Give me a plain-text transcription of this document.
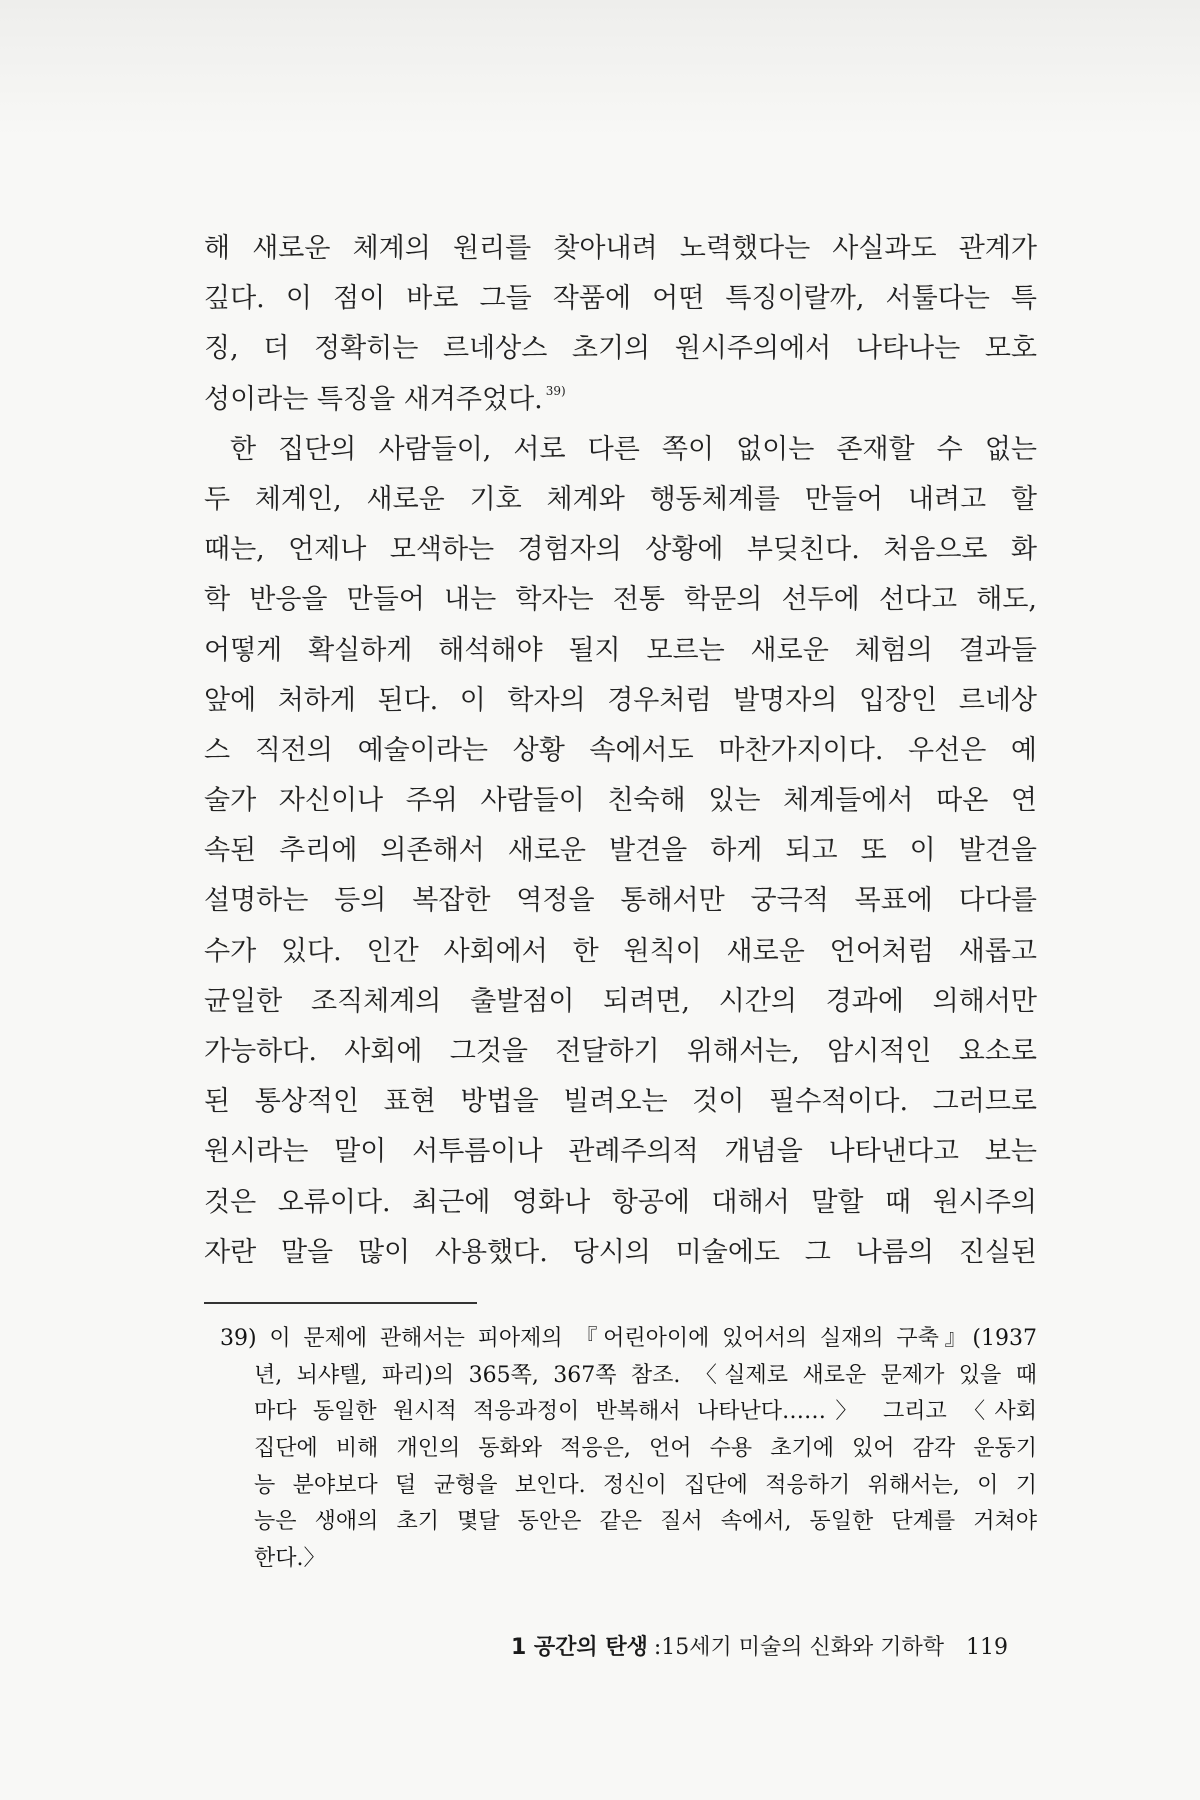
해 새로운 체계의 원리를 찾아내려 노력했다는 사실과도 관계가
깊다. 이 점이 바로 그들 작품에 어떤 특징이랄까, 서툴다는 특
징, 더 정확히는 르네상스 초기의 원시주의에서 나타나는 모호
성이라는 특징을 새겨주었다. $^{39)}$
한 집단의 사람들이, 서로 다른 쪽이 없이는 존재할 수 없는
두 체계인, 새로운 기호 체계와 행동체계를 만들어 내려고 할
때는, 언제나 모색하는 경험자의 상황에 부딪친다. 처음으로 화
학 반응을 만들어 내는 학자는 전통 학문의 선두에 선다고 해도,
어떻게 확실하게 해석해야 될지 모르는 새로운 체험의 결과들
앞에 처하게 된다. 이 학자의 경우처럼 발명자의 입장인 르네상
스 직전의 예술이라는 상황 속에서도 마찬가지이다. 우선은 예
술가 자신이나 주위 사람들이 친숙해 있는 체계들에서 따온 연
속된 추리에 의존해서 새로운 발견을 하게 되고 또 이 발견을
설명하는 등의 복잡한 역정을 통해서만 궁극적 목표에 다다를
수가 있다. 인간 사회에서 한 원칙이 새로운 언어처럼 새롭고
균일한 조직체계의 출발점이 되려면, 시간의 경과에 의해서만
가능하다. 사회에 그것을 전달하기 위해서는, 암시적인 요소로
된 통상적인 표현 방법을 빌려오는 것이 필수적이다. 그러므로
원시라는 말이 서투름이나 관례주의적 개념을 나타낸다고 보는
것은 오류이다. 최근에 영화나 항공에 대해서 말할 때 원시주의
자란 말을 많이 사용했다. 당시의 미술에도 그 나름의 진실된
39) 이 문제에 관해서는 피아제의 『어린아이에 있어서의 실재의 구축』(1937
년, 뇌샤텔, 파리)의 365쪽, 367쪽 참조. 〈실제로 새로운 문제가 있을 때
마다 동일한 원시적 적응과정이 반복해서 나타난다……〉 그리고 〈사회
집단에 비해 개인의 동화와 적응은, 언어 수용 초기에 있어 감각 운동기
능 분야보다 덜 균형을 보인다. 정신이 집단에 적응하기 위해서는, 이 기
능은 생애의 초기 몇달 동안은 같은 질서 속에서, 동일한 단계를 거쳐야
한다.〉
1 공간의 탄생 :15세기 미술의 신화와 기하학 119
